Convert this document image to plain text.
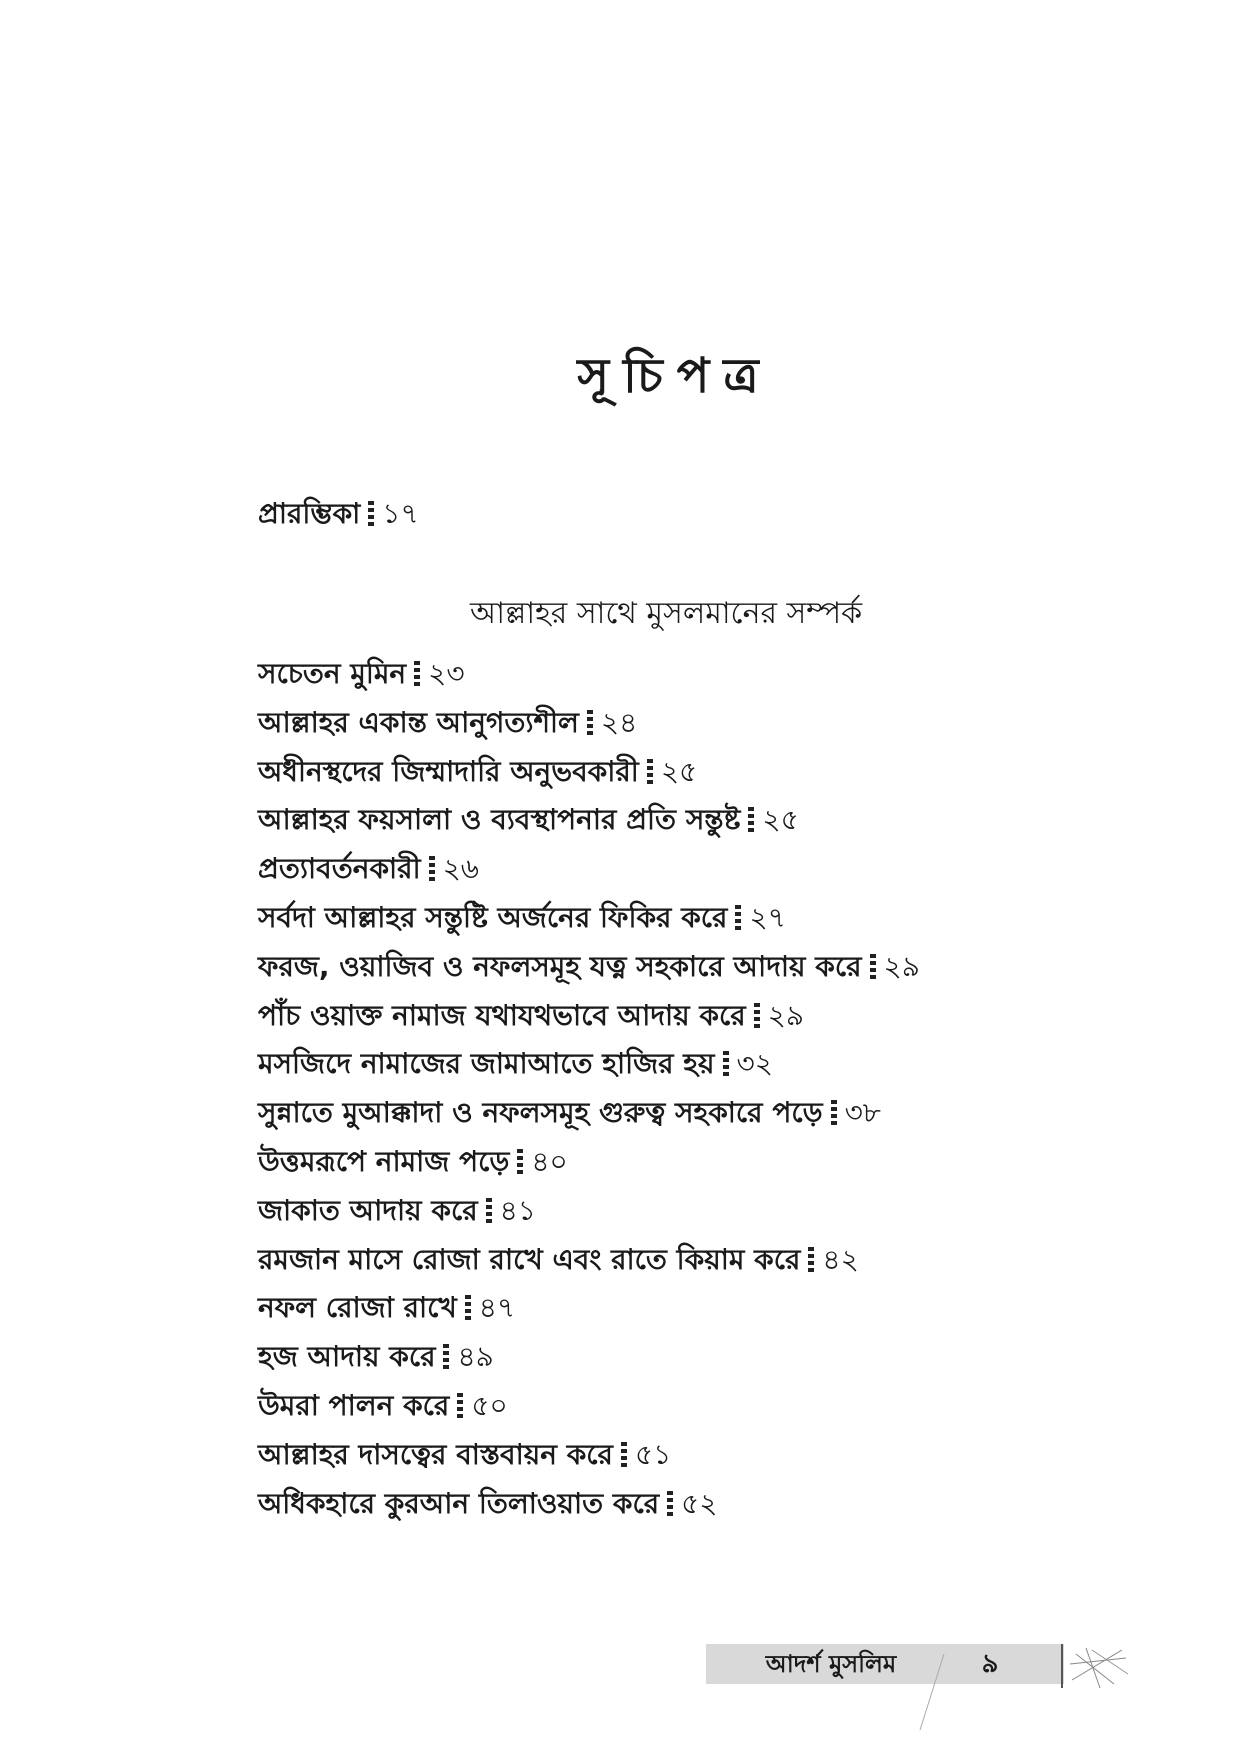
সূচিপত্র
প্রারম্ভিকা ১৭
আল্লাহর সাথে মুসলমানের সম্পর্ক
সচেতন মুমিন ২৩
আল্লাহর একান্ত আনুগত্যশীল ২৪
অধীনস্থদের জিম্মাদারি অনুভবকারী ২৫
আল্লাহর ফয়সালা ও ব্যবস্থাপনার প্রতি সন্তুষ্ট ২৫
প্রত্যাবর্তনকারী ২৬
সর্বদা আল্লাহর সন্তুষ্টি অর্জনের ফিকির করে ২৭
ফরজ, ওয়াজিব ও নফলসমূহ যত্ন সহকারে আদায় করে ২৯
পাঁচ ওয়াক্ত নামাজ যথাযথভাবে আদায় করে ২৯
মসজিদে নামাজের জামাআতে হাজির হয় ৩২
সুন্নাতে মুআক্কাদা ও নফলসমূহ গুরুত্ব সহকারে পড়ে ৩৮
উত্তমরূপে নামাজ পড়ে ৪০
জাকাত আদায় করে ৪১
রমজান মাসে রোজা রাখে এবং রাতে কিয়াম করে ৪২
নফল রোজা রাখে ৪৭
হজ আদায় করে ৪৯
উমরা পালন করে ৫০
আল্লাহর দাসত্বের বাস্তবায়ন করে ৫১
অধিকহারে কুরআন তিলাওয়াত করে ৫২
আদর্শ মুসলিম	৯
